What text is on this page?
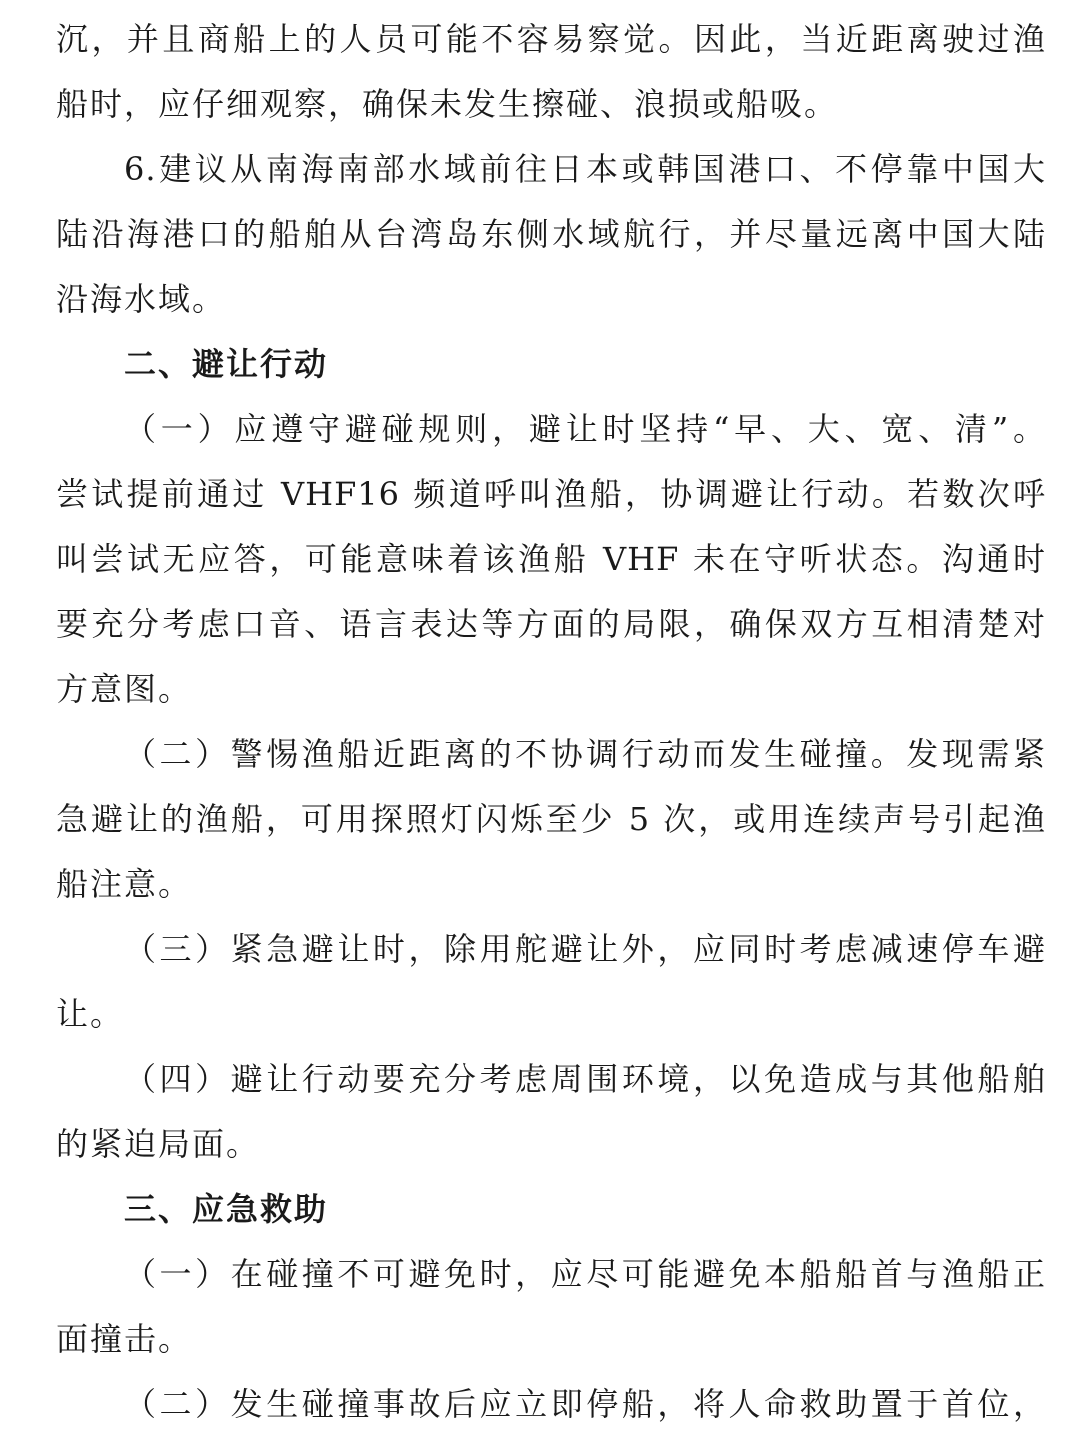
沉，并且商船上的人员可能不容易察觉。因此，当近距离驶过渔
船时，应仔细观察，确保未发生擦碰、浪损或船吸。
6.建议从南海南部水域前往日本或韩国港口、不停靠中国大
陆沿海港口的船舶从台湾岛东侧水域航行，并尽量远离中国大陆
沿海水域。
二、避让行动
（一）应遵守避碰规则，避让时坚持“早、大、宽、清”。
尝试提前通过 VHF16 频道呼叫渔船，协调避让行动。若数次呼
叫尝试无应答，可能意味着该渔船 VHF 未在守听状态。沟通时
要充分考虑口音、语言表达等方面的局限，确保双方互相清楚对
方意图。
（二）警惕渔船近距离的不协调行动而发生碰撞。发现需紧
急避让的渔船，可用探照灯闪烁至少 5 次，或用连续声号引起渔
船注意。
（三）紧急避让时，除用舵避让外，应同时考虑减速停车避
让。
（四）避让行动要充分考虑周围环境，以免造成与其他船舶
的紧迫局面。
三、应急救助
（一）在碰撞不可避免时，应尽可能避免本船船首与渔船正
面撞击。
（二）发生碰撞事故后应立即停船，将人命救助置于首位，
